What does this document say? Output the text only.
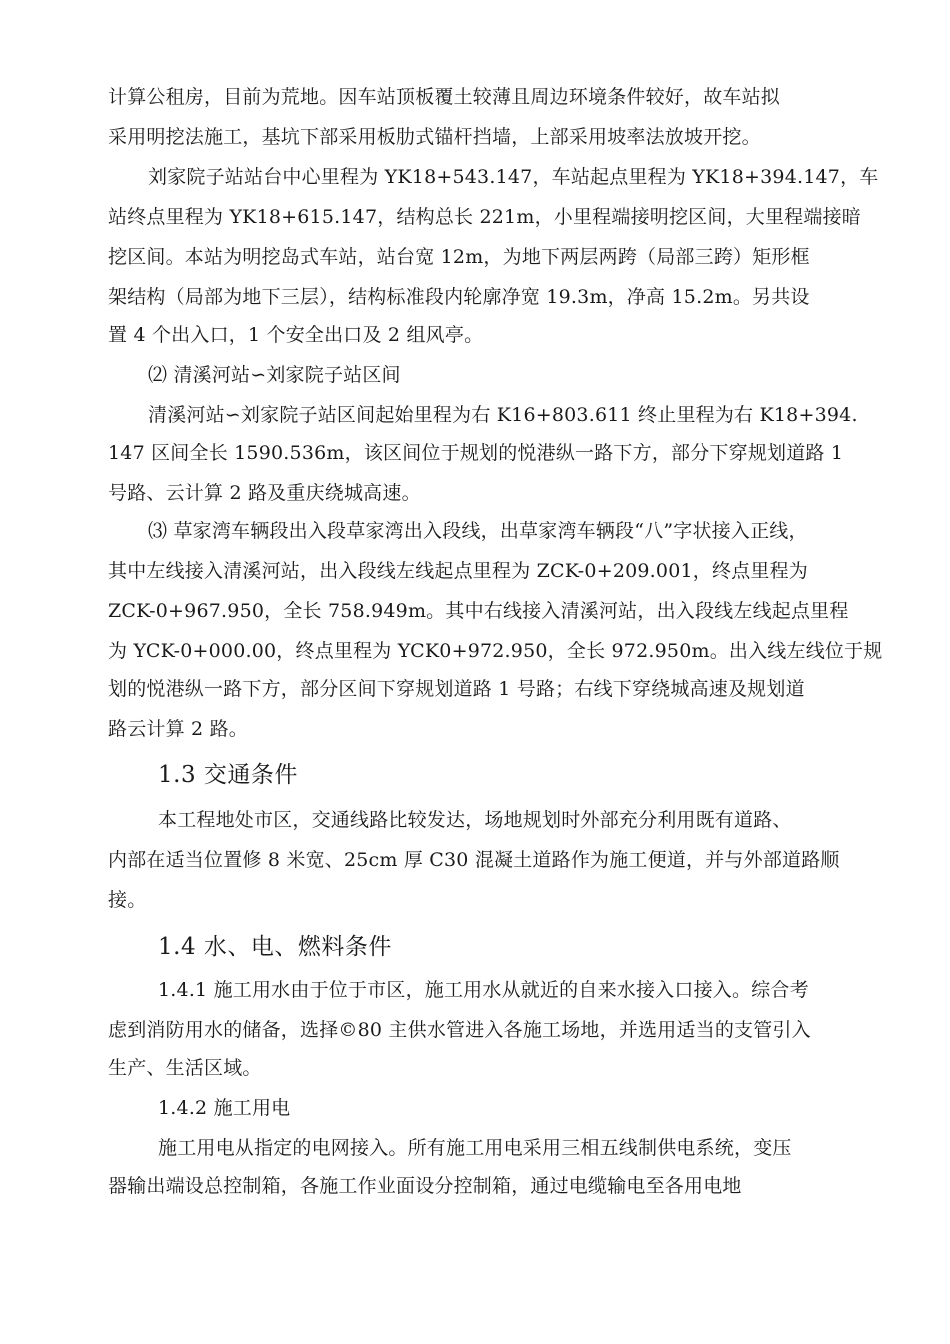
计算公租房，目前为荒地。因车站顶板覆土较薄且周边环境条件较好，故车站拟
采用明挖法施工，基坑下部采用板肋式锚杆挡墙，上部采用坡率法放坡开挖。
刘家院子站站台中心里程为 YK18+543.147，车站起点里程为 YK18+394.147，车
站终点里程为 YK18+615.147，结构总长 221m，小里程端接明挖区间，大里程端接暗
挖区间。本站为明挖岛式车站，站台宽 12m，为地下两层两跨（局部三跨）矩形框
架结构（局部为地下三层），结构标准段内轮廓净宽 19.3m，净高 15.2m。另共设
置 4 个出入口，1 个安全出口及 2 组风亭。
⑵ 清溪河站∽刘家院子站区间
清溪河站∽刘家院子站区间起始里程为右 K16+803.611 终止里程为右 K18+394.
147 区间全长 1590.536m，该区间位于规划的悦港纵一路下方，部分下穿规划道路 1
号路、云计算 2 路及重庆绕城高速。
⑶ 草家湾车辆段出入段草家湾出入段线，出草家湾车辆段“八”字状接入正线，
其中左线接入清溪河站，出入段线左线起点里程为 ZCK-0+209.001，终点里程为
ZCK-0+967.950，全长 758.949m。其中右线接入清溪河站，出入段线左线起点里程
为 YCK-0+000.00，终点里程为 YCK0+972.950，全长 972.950m。出入线左线位于规
划的悦港纵一路下方，部分区间下穿规划道路 1 号路；右线下穿绕城高速及规划道
路云计算 2 路。
1.3 交通条件
本工程地处市区，交通线路比较发达，场地规划时外部充分利用既有道路、
内部在适当位置修 8 米宽、25cm 厚 C30 混凝土道路作为施工便道，并与外部道路顺
接。
1.4 水、电、燃料条件
1.4.1 施工用水由于位于市区，施工用水从就近的自来水接入口接入。综合考
虑到消防用水的储备，选择©80 主供水管进入各施工场地，并选用适当的支管引入
生产、生活区域。
1.4.2 施工用电
施工用电从指定的电网接入。所有施工用电采用三相五线制供电系统，变压
器输出端设总控制箱，各施工作业面设分控制箱，通过电缆输电至各用电地
